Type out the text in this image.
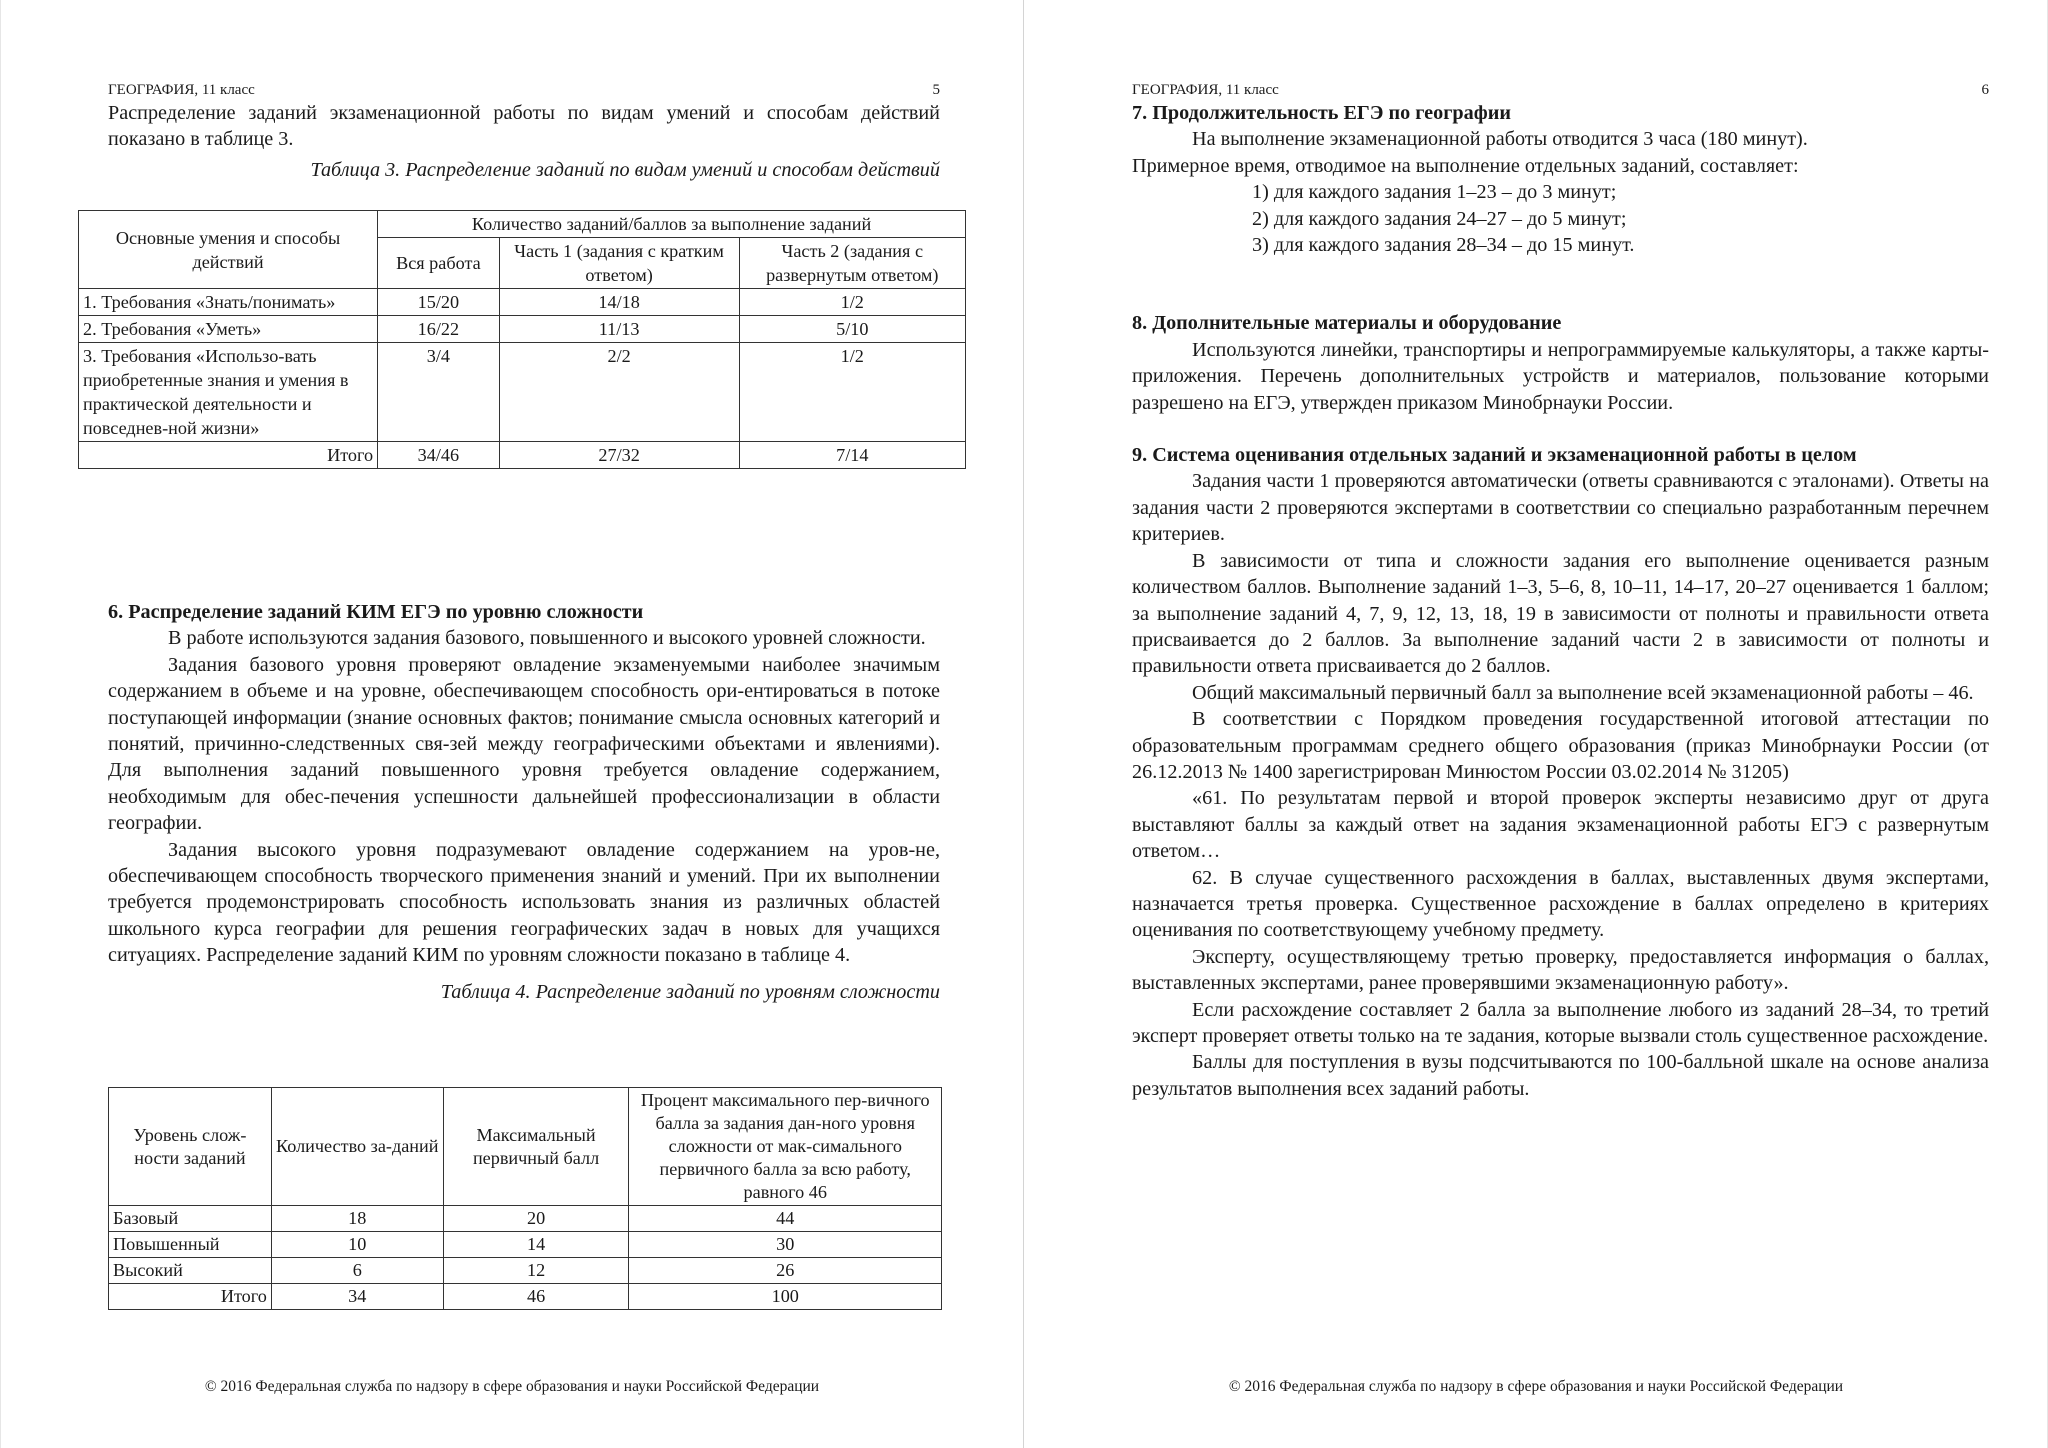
ГЕОГРАФИЯ, 11 класс	5

Распределение заданий экзаменационной работы по видам умений и способам действий показано в таблице 3.

Таблица 3. Распределение заданий по видам умений и способам действий
Основные умения и способы действий	Количество заданий/баллов за выполнение заданий		
	Вся работа	Часть 1 (задания с кратким ответом)	Часть 2 (задания с развернутым ответом)
1. Требования «Знать/понимать»	15/20	14/18	1/2
2. Требования «Уметь»	16/22	11/13	5/10
3. Требования «Использо-вать приобретенные знания и умения в практической деятельности и повседнев-ной жизни»	3/4	2/2	1/2
Итого	34/46	27/32	7/14
6. Распределение заданий КИМ ЕГЭ по уровню сложности

В работе используются задания базового, повышенного и высокого уровней сложности.

Задания базового уровня проверяют овладение экзаменуемыми наиболее значимым содержанием в объеме и на уровне, обеспечивающем способность ори-ентироваться в потоке поступающей информации (знание основных фактов; понимание смысла основных категорий и понятий, причинно-следственных свя-зей между географическими объектами и явлениями). Для выполнения заданий повышенного уровня требуется овладение содержанием, необходимым для обес-печения успешности дальнейшей профессионализации в области географии.

Задания высокого уровня подразумевают овладение содержанием на уров-не, обеспечивающем способность творческого применения знаний и умений. При их выполнении требуется продемонстрировать способность использовать знания из различных областей школьного курса географии для решения географических задач в новых для учащихся ситуациях. Распределение заданий КИМ по уровням сложности показано в таблице 4.

Таблица 4. Распределение заданий по уровням сложности
Уровень слож-ности заданий	Количество за-даний	Максимальный первичный балл	Процент максимального пер-вичного балла за задания дан-ного уровня сложности от мак-симального первичного балла за всю работу, равного 46
Базовый	18	20	44
Повышенный	10	14	30
Высокий	6	12	26
Итого	34	46	100
© 2016 Федеральная служба по надзору в сфере образования и науки Российской Федерации
ГЕОГРАФИЯ, 11 класс	6
7. Продолжительность ЕГЭ по географии

На выполнение экзаменационной работы отводится 3 часа (180 минут).

Примерное время, отводимое на выполнение отдельных заданий, составляет:

1) для каждого задания 1–23 – до 3 минут;
2) для каждого задания 24–27 – до 5 минут;
3) для каждого задания 28–34 – до 15 минут.
8. Дополнительные материалы и оборудование

Используются линейки, транспортиры и непрограммируемые калькуляторы, а также карты-приложения. Перечень дополнительных устройств и материалов, пользование которыми разрешено на ЕГЭ, утвержден приказом Минобрнауки России.

9. Система оценивания отдельных заданий и экзаменационной работы в целом

Задания части 1 проверяются автоматически (ответы сравниваются с эталонами). Ответы на задания части 2 проверяются экспертами в соответствии со специально разработанным перечнем критериев.

В зависимости от типа и сложности задания его выполнение оценивается разным количеством баллов. Выполнение заданий 1–3, 5–6, 8, 10–11, 14–17, 20–27 оценивается 1 баллом; за выполнение заданий 4, 7, 9, 12, 13, 18, 19 в зависимости от полноты и правильности ответа присваивается до 2 баллов. За выполнение заданий части 2 в зависимости от полноты и правильности ответа присваивается до 2 баллов.

Общий максимальный первичный балл за выполнение всей экзаменационной работы – 46.

В соответствии с Порядком проведения государственной итоговой аттестации по образовательным программам среднего общего образования (приказ Минобрнауки России (от 26.12.2013 № 1400 зарегистрирован Минюстом России 03.02.2014 № 31205)

«61. По результатам первой и второй проверок эксперты независимо друг от друга выставляют баллы за каждый ответ на задания экзаменационной работы ЕГЭ с развернутым ответом…

62. В случае существенного расхождения в баллах, выставленных двумя экспертами, назначается третья проверка. Существенное расхождение в баллах определено в критериях оценивания по соответствующему учебному предмету.

Эксперту, осуществляющему третью проверку, предоставляется информация о баллах, выставленных экспертами, ранее проверявшими экзаменационную работу».

Если расхождение составляет 2 балла за выполнение любого из заданий 28–34, то третий эксперт проверяет ответы только на те задания, которые вызвали столь существенное расхождение.

Баллы для поступления в вузы подсчитываются по 100-балльной шкале на основе анализа результатов выполнения всех заданий работы.

© 2016 Федеральная служба по надзору в сфере образования и науки Российской Федерации
